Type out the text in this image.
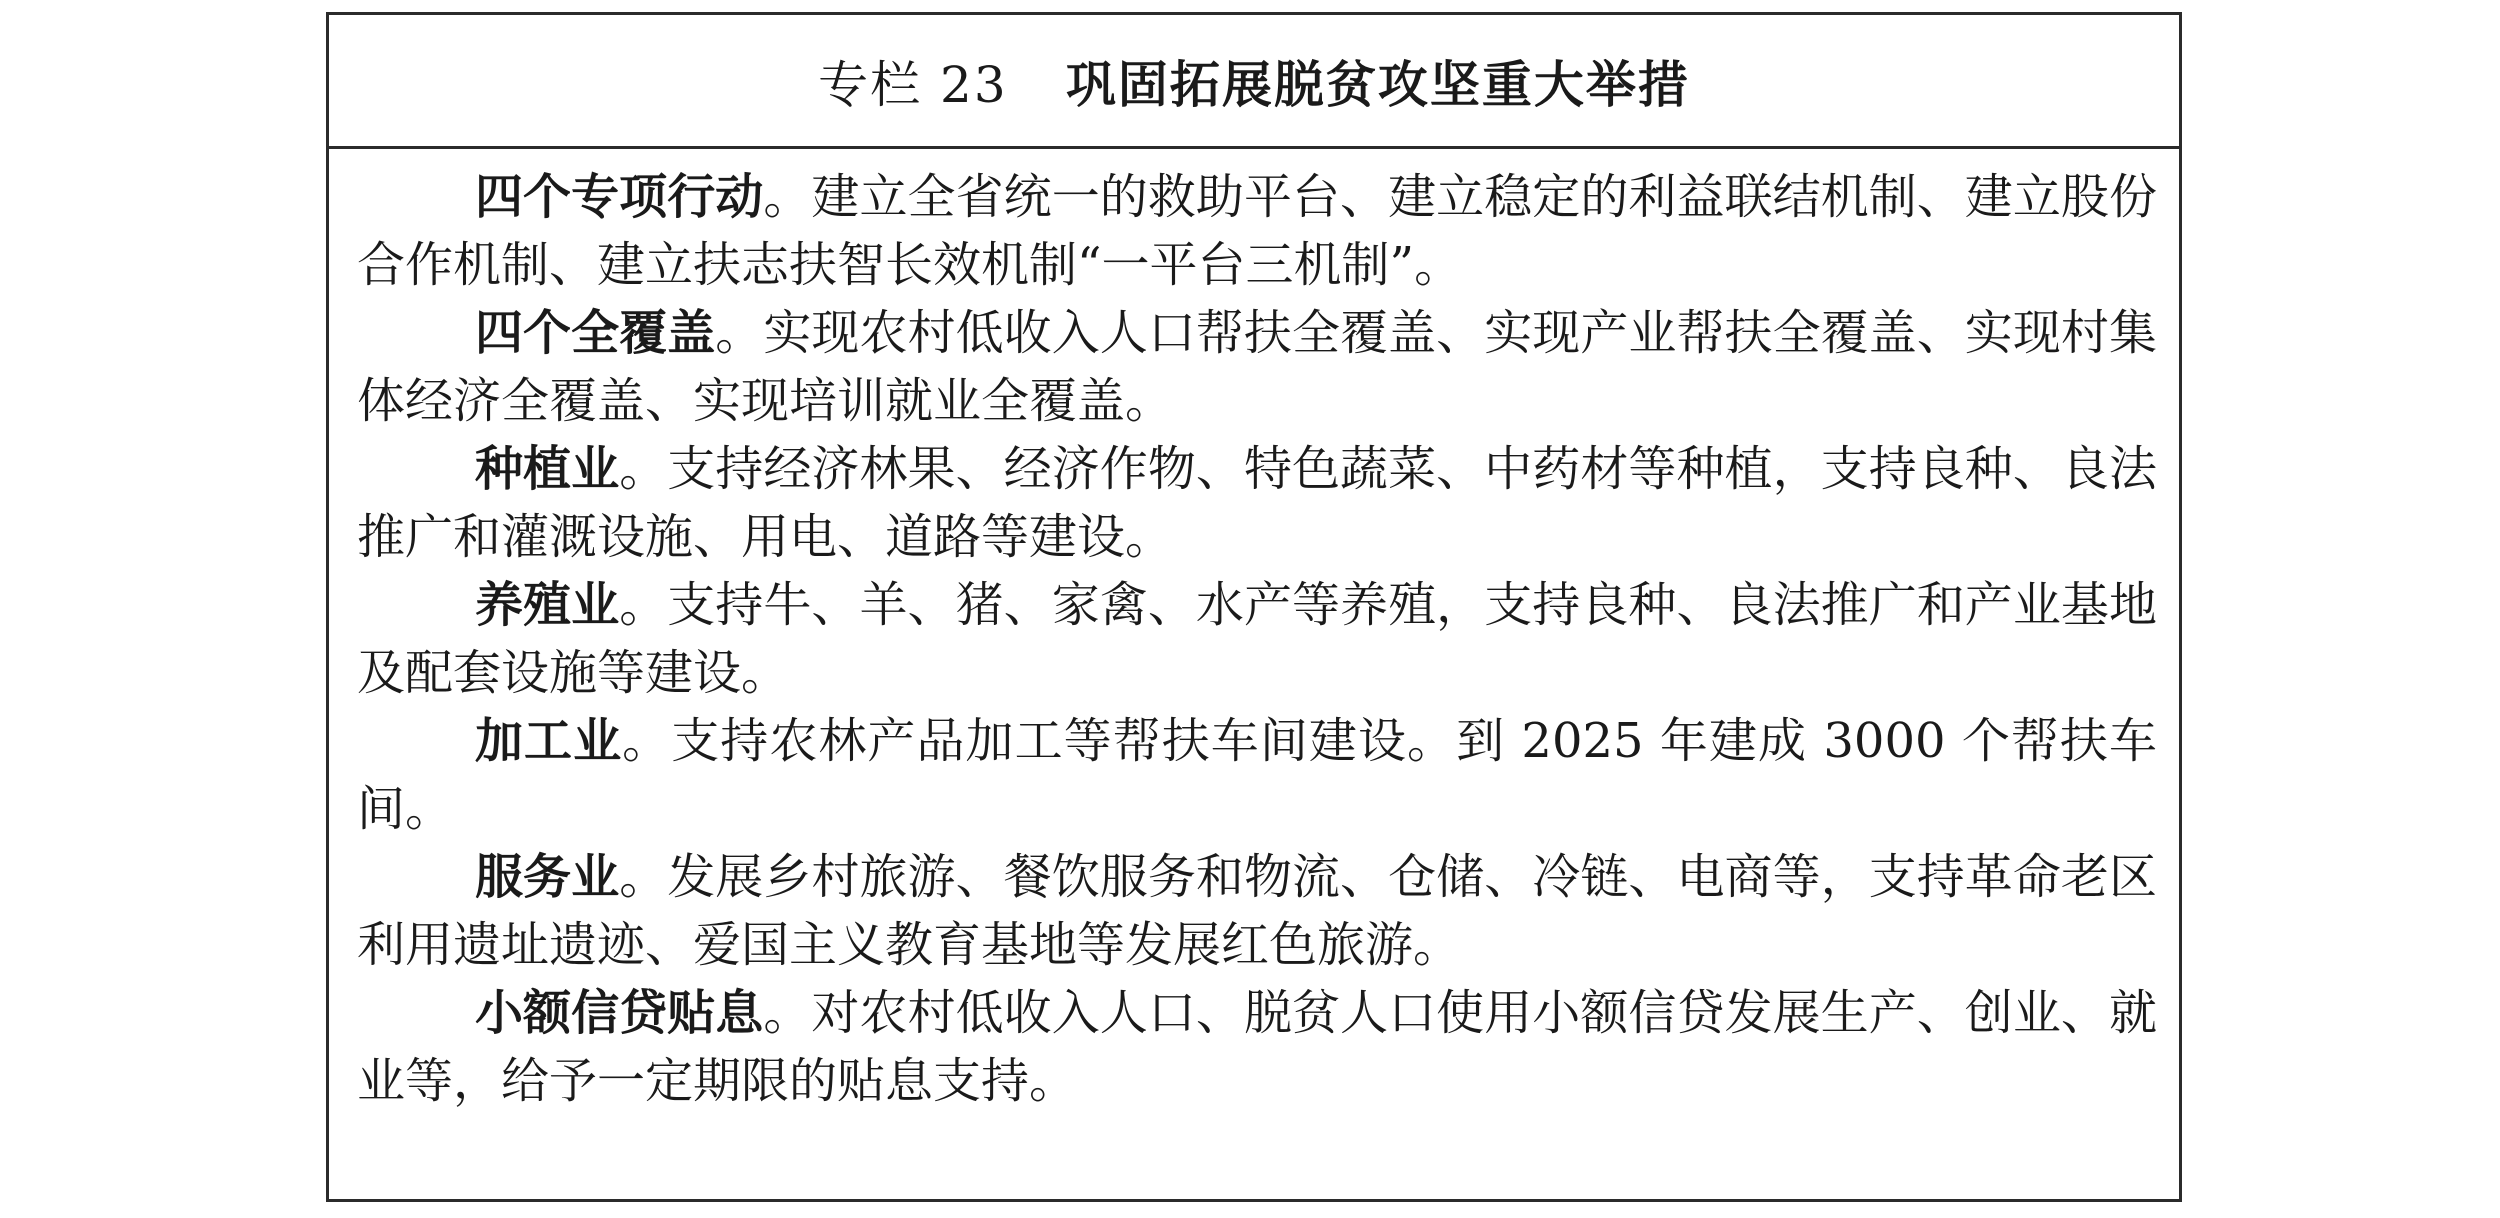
专栏 23 巩固拓展脱贫攻坚重大举措

四个专项行动。建立全省统一的救助平台、建立稳定的利益联结机制、建立股份合作机制、建立扶志扶智长效机制“一平台三机制”。

四个全覆盖。实现农村低收入人口帮扶全覆盖、实现产业帮扶全覆盖、实现村集体经济全覆盖、实现培训就业全覆盖。

种植业。支持经济林果、经济作物、特色蔬菜、中药材等种植，支持良种、良法推广和灌溉设施、用电、道路等建设。

养殖业。支持牛、羊、猪、家禽、水产等养殖，支持良种、良法推广和产业基地及配套设施等建设。

加工业。支持农林产品加工等帮扶车间建设。到 2025 年建成 3000 个帮扶车间。

服务业。发展乡村旅游、餐饮服务和物流、仓储、冷链、电商等，支持革命老区利用遗址遗迹、爱国主义教育基地等发展红色旅游。

小额信贷贴息。对农村低收入人口、脱贫人口使用小额信贷发展生产、创业、就业等，给予一定期限的贴息支持。
